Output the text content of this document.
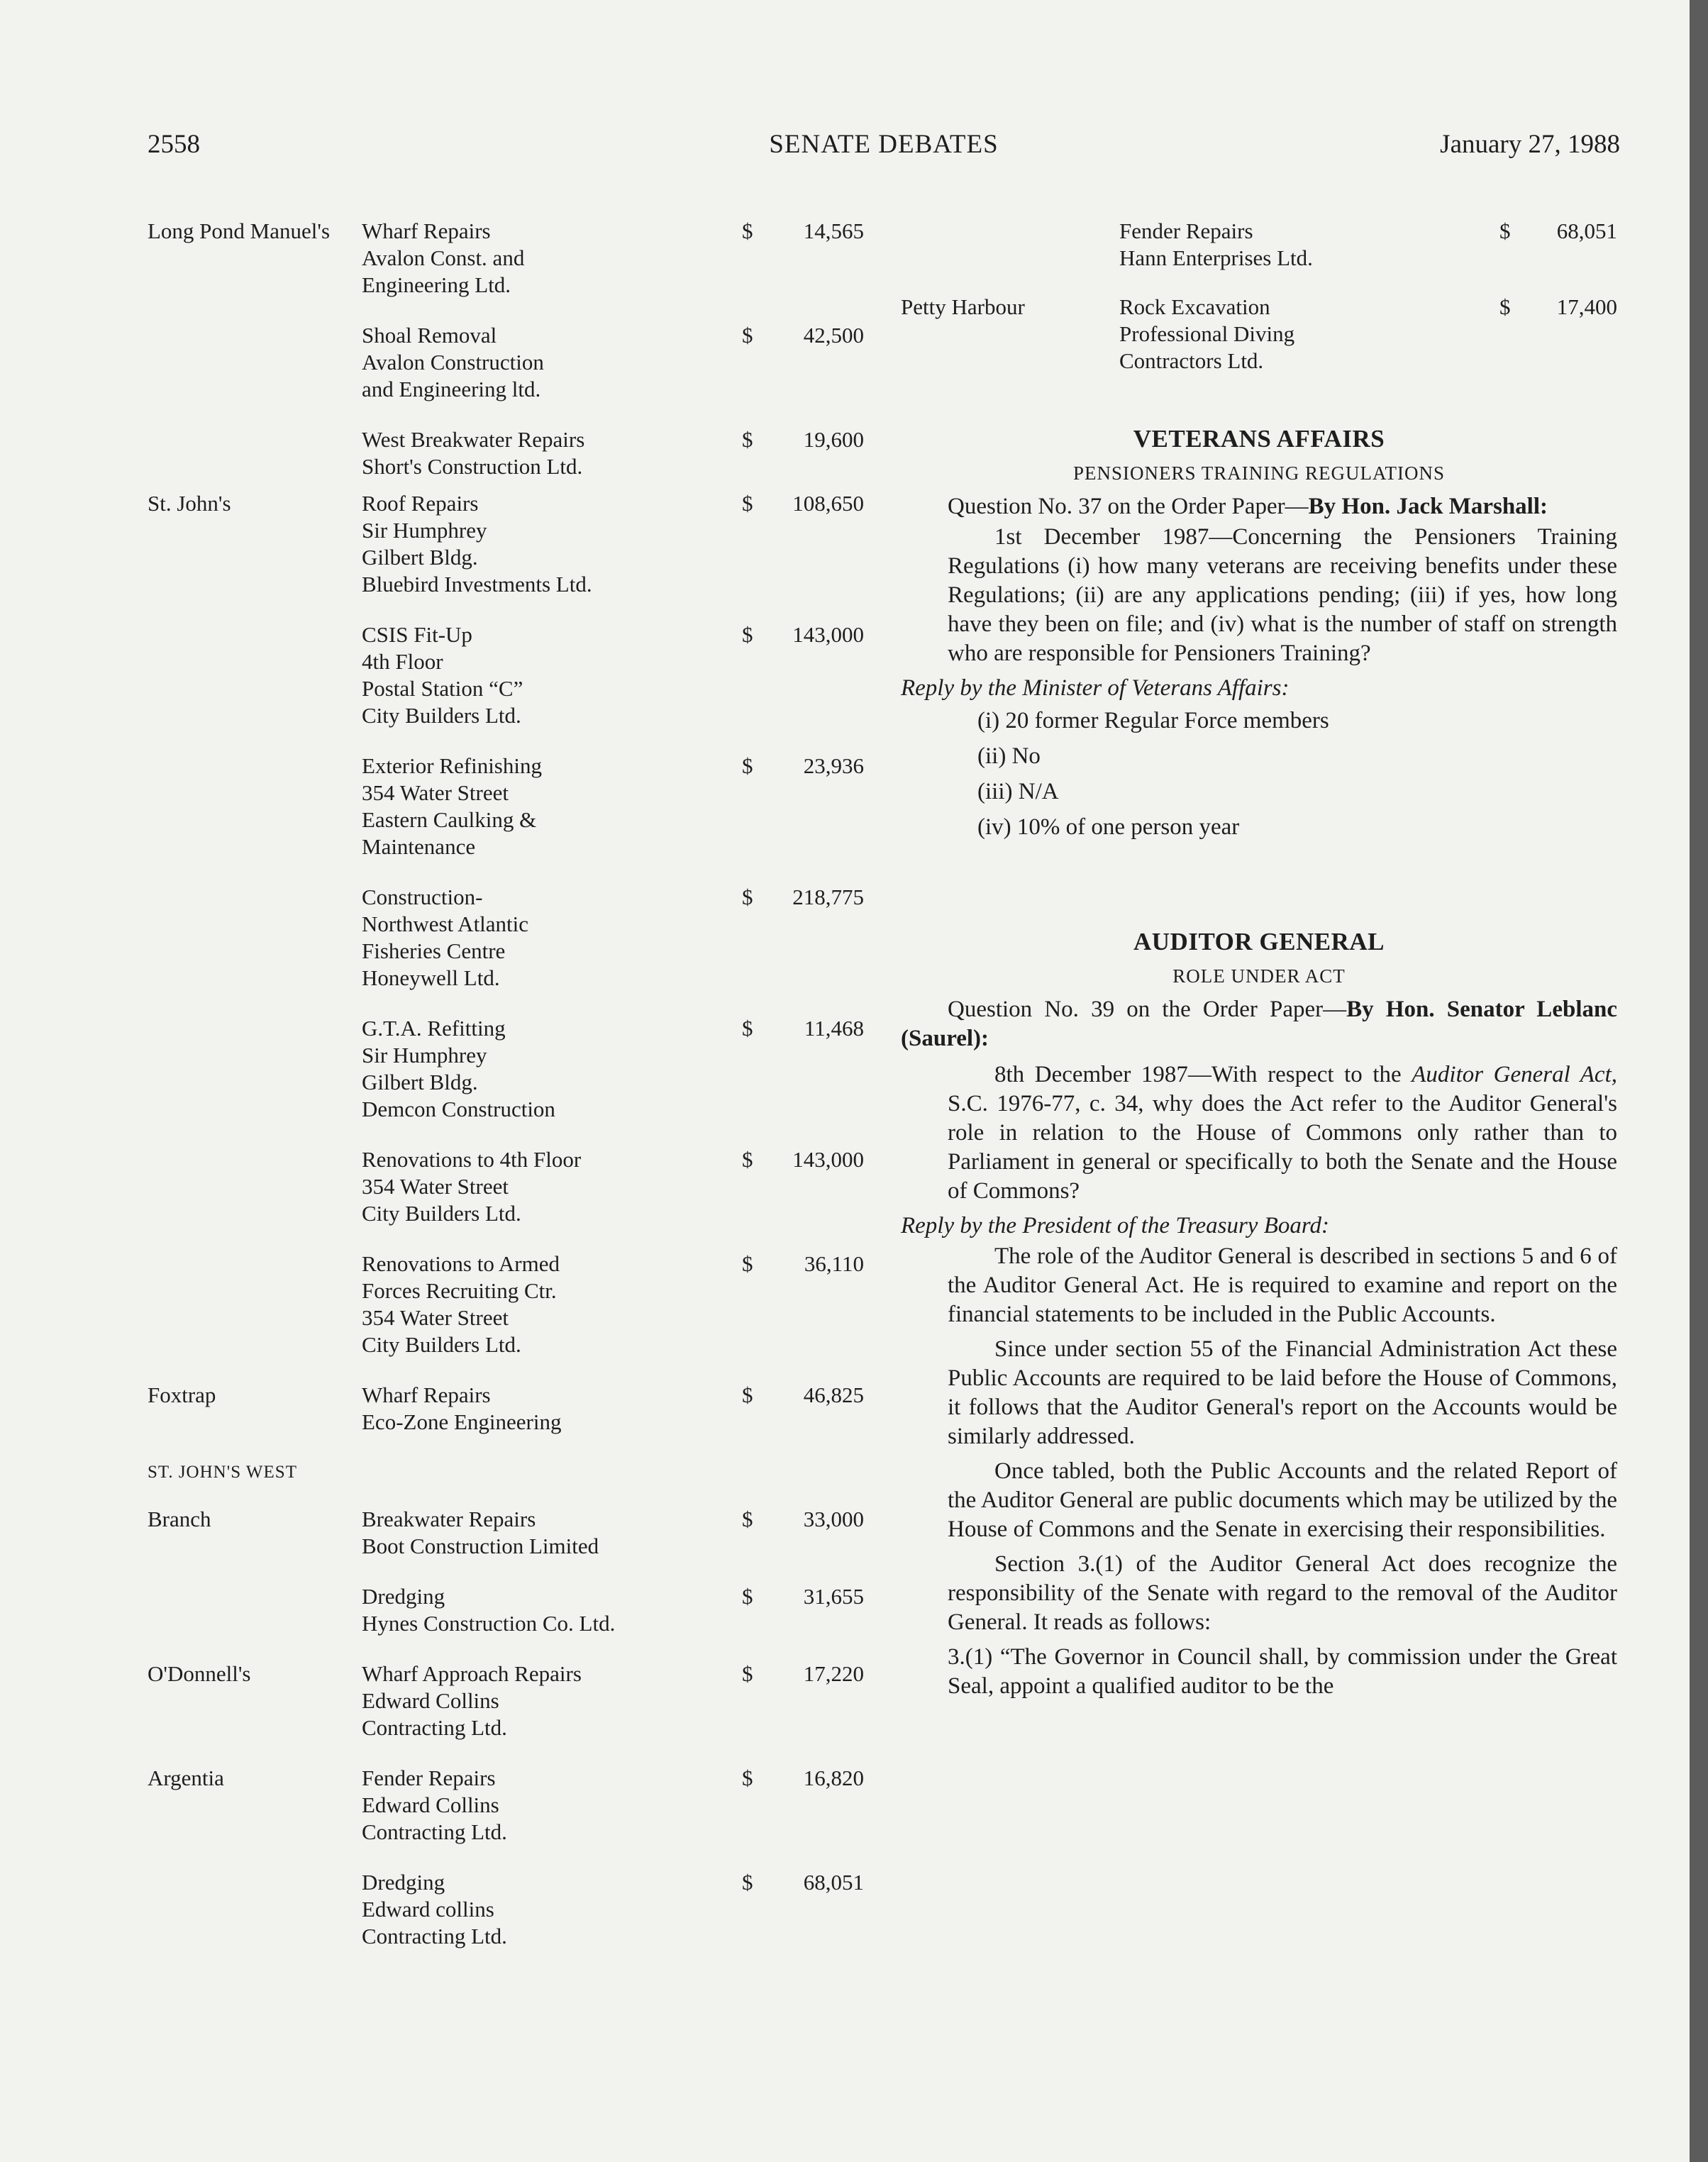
2558	SENATE DEBATES	January 27, 1988
Long Pond Manuel's Wharf Repairs
Avalon Const. and
Engineering Ltd.
$	14,565
Shoal Removal
Avalon Construction
and Engineering ltd.
$	42,500
West Breakwater Repairs
Short's Construction Ltd.
$	19,600
St. John's	Roof Repairs
Sir Humphrey
Gilbert Bldg.
Bluebird Investments Ltd.
$	108,650
CSIS Fit-Up
4th Floor
Postal Station “C”
City Builders Ltd.
$	143,000
Exterior Refinishing
354 Water Street
Eastern Caulking &
Maintenance
$	23,936
Construction-
Northwest Atlantic
Fisheries Centre
Honeywell Ltd.
$	218,775
G.T.A. Refitting
Sir Humphrey
Gilbert Bldg.
Demcon Construction
$	11,468
Renovations to 4th Floor
354 Water Street
City Builders Ltd.
$	143,000
Renovations to Armed
Forces Recruiting Ctr.
354 Water Street
City Builders Ltd.
$	36,110
Foxtrap	Wharf Repairs
Eco-Zone Engineering
$	46,825
ST. JOHN'S WEST
Branch	Breakwater Repairs
Boot Construction Limited
$	33,000
Dredging
Hynes Construction Co. Ltd.
$	31,655
O'Donnell's	Wharf Approach Repairs
Edward Collins
Contracting Ltd.
$	17,220
Argentia	Fender Repairs
Edward Collins
Contracting Ltd.
$	16,820
Dredging
Edward collins
Contracting Ltd.
$	68,051
Fender Repairs
Hann Enterprises Ltd.
$	68,051
Petty Harbour	Rock Excavation
Professional Diving
Contractors Ltd.
$	17,400
VETERANS AFFAIRS
PENSIONERS TRAINING REGULATIONS
Question No. 37 on the Order Paper—By Hon. Jack Marshall:
1st December 1987—Concerning the Pensioners Training Regulations (i) how many veterans are receiving benefits under these Regulations; (ii) are any applications pending; (iii) if yes, how long have they been on file; and (iv) what is the number of staff on strength who are responsible for Pensioners Training?
Reply by the Minister of Veterans Affairs:
(i) 20 former Regular Force members
(ii) No
(iii) N/A
(iv) 10% of one person year
AUDITOR GENERAL
ROLE UNDER ACT
Question No. 39 on the Order Paper—By Hon. Senator Leblanc (Saurel):
8th December 1987—With respect to the Auditor General Act, S.C. 1976-77, c. 34, why does the Act refer to the Auditor General's role in relation to the House of Commons only rather than to Parliament in general or specifically to both the Senate and the House of Commons?
Reply by the President of the Treasury Board:
The role of the Auditor General is described in sections 5 and 6 of the Auditor General Act. He is required to examine and report on the financial statements to be included in the Public Accounts.
Since under section 55 of the Financial Administration Act these Public Accounts are required to be laid before the House of Commons, it follows that the Auditor General's report on the Accounts would be similarly addressed.
Once tabled, both the Public Accounts and the related Report of the Auditor General are public documents which may be utilized by the House of Commons and the Senate in exercising their responsibilities.
Section 3.(1) of the Auditor General Act does recognize the responsibility of the Senate with regard to the removal of the Auditor General. It reads as follows:
3.(1) “The Governor in Council shall, by commission under the Great Seal, appoint a qualified auditor to be the
